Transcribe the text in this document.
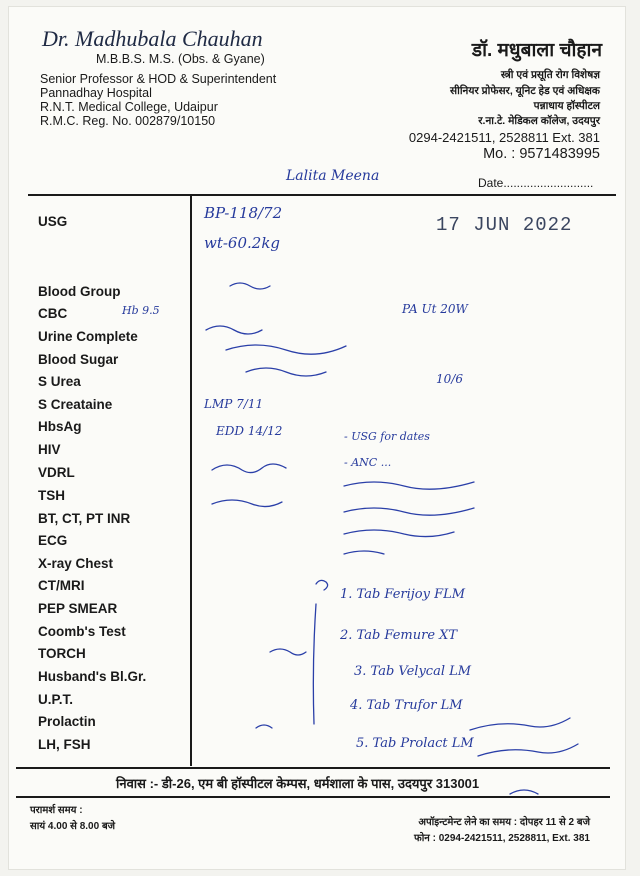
Dr. Madhubala Chauhan
M.B.B.S. M.S. (Obs. & Gyane)
Senior Professor & HOD & Superintendent
Pannadhay Hospital
R.N.T. Medical College, Udaipur
R.M.C. Reg. No. 002879/10150
डॉ. मधुबाला चौहान
स्त्री एवं प्रसूति रोग विशेषज्ञ
सीनियर प्रोफेसर, यूनिट हेड एवं अधिक्षक
पन्नाधाय हॉस्पीटल
र.ना.टे. मेडिकल कॉलेज, उदयपुर
0294-2421511, 2528811 Ext. 381
Mo. : 9571483995
Date...........................
USG
Blood Group
CBC
Urine Complete
Blood Sugar
S Urea
S Creataine
HbsAg
HIV
VDRL
TSH
BT, CT, PT INR
ECG
X-ray Chest
CT/MRI
PEP SMEAR
Coomb's Test
TORCH
Husband's Bl.Gr.
U.P.T.
Prolactin
LH, FSH
17 JUN 2022
Lalita Meena
BP-118/72
wt-60.2kg
Hb 9.5
LMP 7/11
EDD 14/12
PA Ut 20W
10/6
- USG for dates
- ANC ...
1. Tab Ferijoy FLM
2. Tab Femure XT
3. Tab Velycal LM
4. Tab Trufor LM
5. Tab Prolact LM
निवास :- डी-26, एम बी हॉस्पीटल केम्पस, धर्मशाला के पास, उदयपुर 313001
परामर्श समय :
सायं 4.00 से 8.00 बजे	अपॉइन्टमेन्ट लेने का समय : दोपहर 11 से 2 बजे
फोन : 0294-2421511, 2528811, Ext. 381
